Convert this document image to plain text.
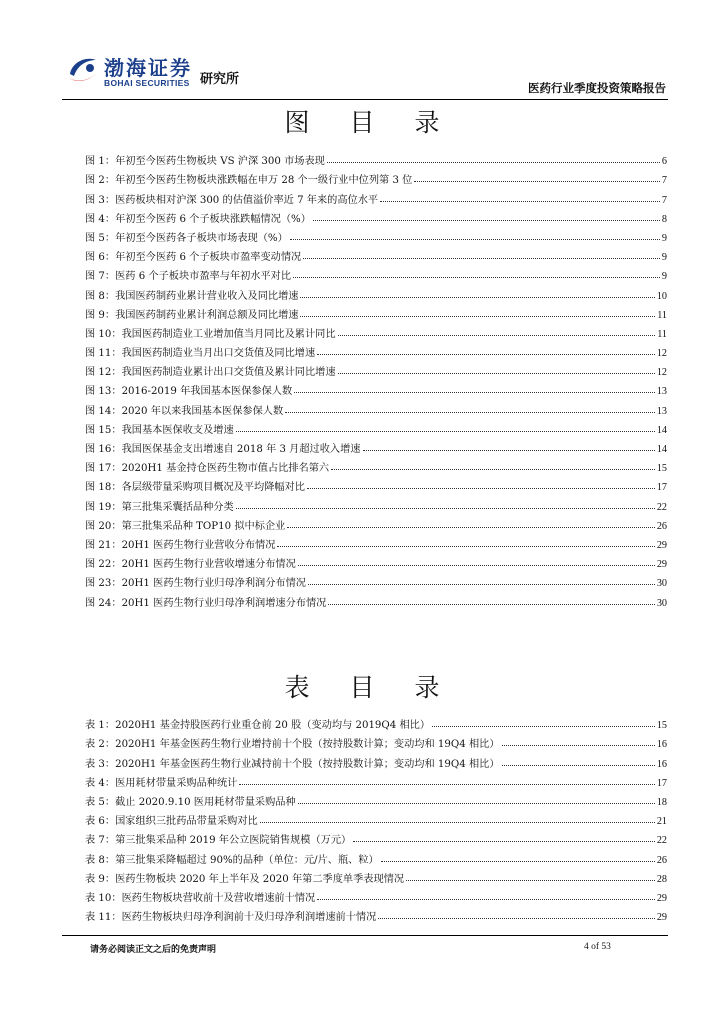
渤海证券
BOHAI SECURITIES 研究所
医药行业季度投资策略报告
图 目 录
图 1：年初至今医药生物板块 VS 沪深 300 市场表现	6
图 2：年初至今医药生物板块涨跌幅在申万 28 个一级行业中位列第 3 位	7
图 3：医药板块相对沪深 300 的估值溢价率近 7 年来的高位水平	7
图 4：年初至今医药 6 个子板块涨跌幅情况（%）	8
图 5：年初至今医药各子板块市场表现（%）	9
图 6：年初至今医药 6 个子板块市盈率变动情况	9
图 7：医药 6 个子板块市盈率与年初水平对比	9
图 8：我国医药制药业累计营业收入及同比增速	10
图 9：我国医药制药业累计利润总额及同比增速	11
图 10：我国医药制造业工业增加值当月同比及累计同比	11
图 11：我国医药制造业当月出口交货值及同比增速	12
图 12：我国医药制造业累计出口交货值及累计同比增速	12
图 13：2016-2019 年我国基本医保参保人数	13
图 14：2020 年以来我国基本医保参保人数	13
图 15：我国基本医保收支及增速	14
图 16：我国医保基金支出增速自 2018 年 3 月超过收入增速	14
图 17：2020H1 基金持仓医药生物市值占比排名第六	15
图 18：各层级带量采购项目概况及平均降幅对比	17
图 19：第三批集采囊括品种分类	22
图 20：第三批集采品种 TOP10 拟中标企业	26
图 21：20H1 医药生物行业营收分布情况	29
图 22：20H1 医药生物行业营收增速分布情况	29
图 23：20H1 医药生物行业归母净利润分布情况	30
图 24：20H1 医药生物行业归母净利润增速分布情况	30
表 目 录
表 1：2020H1 基金持股医药行业重仓前 20 股（变动均与 2019Q4 相比）	15
表 2：2020H1 年基金医药生物行业增持前十个股（按持股数计算；变动均和 19Q4 相比）	16
表 3：2020H1 年基金医药生物行业减持前十个股（按持股数计算；变动均和 19Q4 相比）	16
表 4：医用耗材带量采购品种统计	17
表 5：截止 2020.9.10 医用耗材带量采购品种	18
表 6：国家组织三批药品带量采购对比	21
表 7：第三批集采品种 2019 年公立医院销售规模（万元）	22
表 8：第三批集采降幅超过 90%的品种（单位：元/片、瓶、粒）	26
表 9：医药生物板块 2020 年上半年及 2020 年第二季度单季表现情况	28
表 10：医药生物板块营收前十及营收增速前十情况	29
表 11：医药生物板块归母净利润前十及归母净利润增速前十情况	29
请务必阅读正文之后的免责声明	4 of 53
